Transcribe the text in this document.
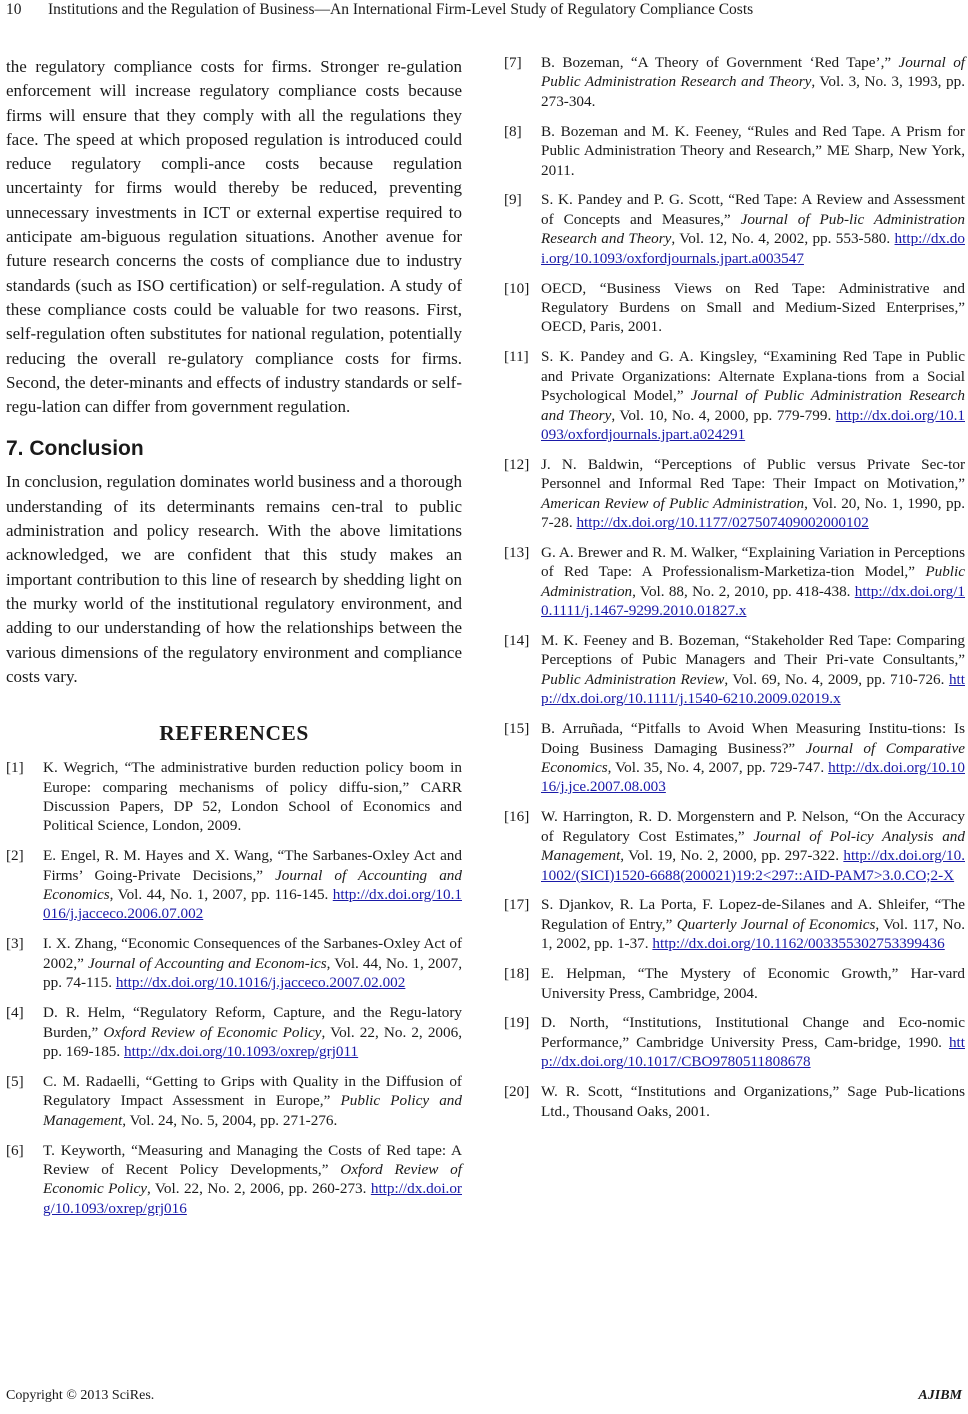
10 Institutions and the Regulation of Business—An International Firm-Level Study of Regulatory Compliance Costs

the regulatory compliance costs for firms. Stronger re-gulation enforcement will increase regulatory compliance costs because firms will ensure that they comply with all the regulations they face. The speed at which proposed regulation is introduced could reduce regulatory compli-ance costs because regulation uncertainty for firms would thereby be reduced, preventing unnecessary investments in ICT or external expertise required to anticipate am-biguous regulation situations. Another avenue for future research concerns the costs of compliance due to industry standards (such as ISO certification) or self-regulation. A study of these compliance costs could be valuable for two reasons. First, self-regulation often substitutes for national regulation, potentially reducing the overall re-gulatory compliance costs for firms. Second, the deter-minants and effects of industry standards or self-regu-lation can differ from government regulation.

7. Conclusion

In conclusion, regulation dominates world business and a thorough understanding of its determinants remains cen-tral to public administration and policy research. With the above limitations acknowledged, we are confident that this study makes an important contribution to this line of research by shedding light on the murky world of the institutional regulatory environment, and adding to our understanding of how the relationships between the various dimensions of the regulatory environment and compliance costs vary.

REFERENCES
[1] K. Wegrich, “The administrative burden reduction policy boom in Europe: comparing mechanisms of policy diffu-sion,” CARR Discussion Papers, DP 52, London School of Economics and Political Science, London, 2009.
[2] E. Engel, R. M. Hayes and X. Wang, “The Sarbanes-Oxley Act and Firms’ Going-Private Decisions,” Journal of Accounting and Economics, Vol. 44, No. 1, 2007, pp. 116-145. http://dx.doi.org/10.1016/j.jacceco.2006.07.002
[3] I. X. Zhang, “Economic Consequences of the Sarbanes-Oxley Act of 2002,” Journal of Accounting and Econom-ics, Vol. 44, No. 1, 2007, pp. 74-115. http://dx.doi.org/10.1016/j.jacceco.2007.02.002
[4] D. R. Helm, “Regulatory Reform, Capture, and the Regu-latory Burden,” Oxford Review of Economic Policy, Vol. 22, No. 2, 2006, pp. 169-185. http://dx.doi.org/10.1093/oxrep/grj011
[5] C. M. Radaelli, “Getting to Grips with Quality in the Diffusion of Regulatory Impact Assessment in Europe,” Public Policy and Management, Vol. 24, No. 5, 2004, pp. 271-276.
[6] T. Keyworth, “Measuring and Managing the Costs of Red tape: A Review of Recent Policy Developments,” Oxford Review of Economic Policy, Vol. 22, No. 2, 2006, pp. 260-273. http://dx.doi.org/10.1093/oxrep/grj016
[7] B. Bozeman, “A Theory of Government ‘Red Tape’,” Journal of Public Administration Research and Theory, Vol. 3, No. 3, 1993, pp. 273-304.
[8] B. Bozeman and M. K. Feeney, “Rules and Red Tape. A Prism for Public Administration Theory and Research,” ME Sharp, New York, 2011.
[9] S. K. Pandey and P. G. Scott, “Red Tape: A Review and Assessment of Concepts and Measures,” Journal of Pub-lic Administration Research and Theory, Vol. 12, No. 4, 2002, pp. 553-580. http://dx.doi.org/10.1093/oxfordjournals.jpart.a003547
[10] OECD, “Business Views on Red Tape: Administrative and Regulatory Burdens on Small and Medium-Sized Enterprises,” OECD, Paris, 2001.
[11] S. K. Pandey and G. A. Kingsley, “Examining Red Tape in Public and Private Organizations: Alternate Explana-tions from a Social Psychological Model,” Journal of Public Administration Research and Theory, Vol. 10, No. 4, 2000, pp. 779-799. http://dx.doi.org/10.1093/oxfordjournals.jpart.a024291
[12] J. N. Baldwin, “Perceptions of Public versus Private Sec-tor Personnel and Informal Red Tape: Their Impact on Motivation,” American Review of Public Administration, Vol. 20, No. 1, 1990, pp. 7-28. http://dx.doi.org/10.1177/027507409002000102
[13] G. A. Brewer and R. M. Walker, “Explaining Variation in Perceptions of Red Tape: A Professionalism-Marketiza-tion Model,” Public Administration, Vol. 88, No. 2, 2010, pp. 418-438. http://dx.doi.org/10.1111/j.1467-9299.2010.01827.x
[14] M. K. Feeney and B. Bozeman, “Stakeholder Red Tape: Comparing Perceptions of Pubic Managers and Their Pri-vate Consultants,” Public Administration Review, Vol. 69, No. 4, 2009, pp. 710-726. http://dx.doi.org/10.1111/j.1540-6210.2009.02019.x
[15] B. Arruñada, “Pitfalls to Avoid When Measuring Institu-tions: Is Doing Business Damaging Business?” Journal of Comparative Economics, Vol. 35, No. 4, 2007, pp. 729-747. http://dx.doi.org/10.1016/j.jce.2007.08.003
[16] W. Harrington, R. D. Morgenstern and P. Nelson, “On the Accuracy of Regulatory Cost Estimates,” Journal of Pol-icy Analysis and Management, Vol. 19, No. 2, 2000, pp. 297-322. http://dx.doi.org/10.1002/(SICI)1520-6688(200021)19:2<297::AID-PAM7>3.0.CO;2-X
[17] S. Djankov, R. La Porta, F. Lopez-de-Silanes and A. Shleifer, “The Regulation of Entry,” Quarterly Journal of Economics, Vol. 117, No. 1, 2002, pp. 1-37. http://dx.doi.org/10.1162/003355302753399436
[18] E. Helpman, “The Mystery of Economic Growth,” Har-vard University Press, Cambridge, 2004.
[19] D. North, “Institutions, Institutional Change and Eco-nomic Performance,” Cambridge University Press, Cam-bridge, 1990. http://dx.doi.org/10.1017/CBO9780511808678
[20] W. R. Scott, “Institutions and Organizations,” Sage Pub-lications Ltd., Thousand Oaks, 2001.
Copyright © 2013 SciRes.	AJIBM
